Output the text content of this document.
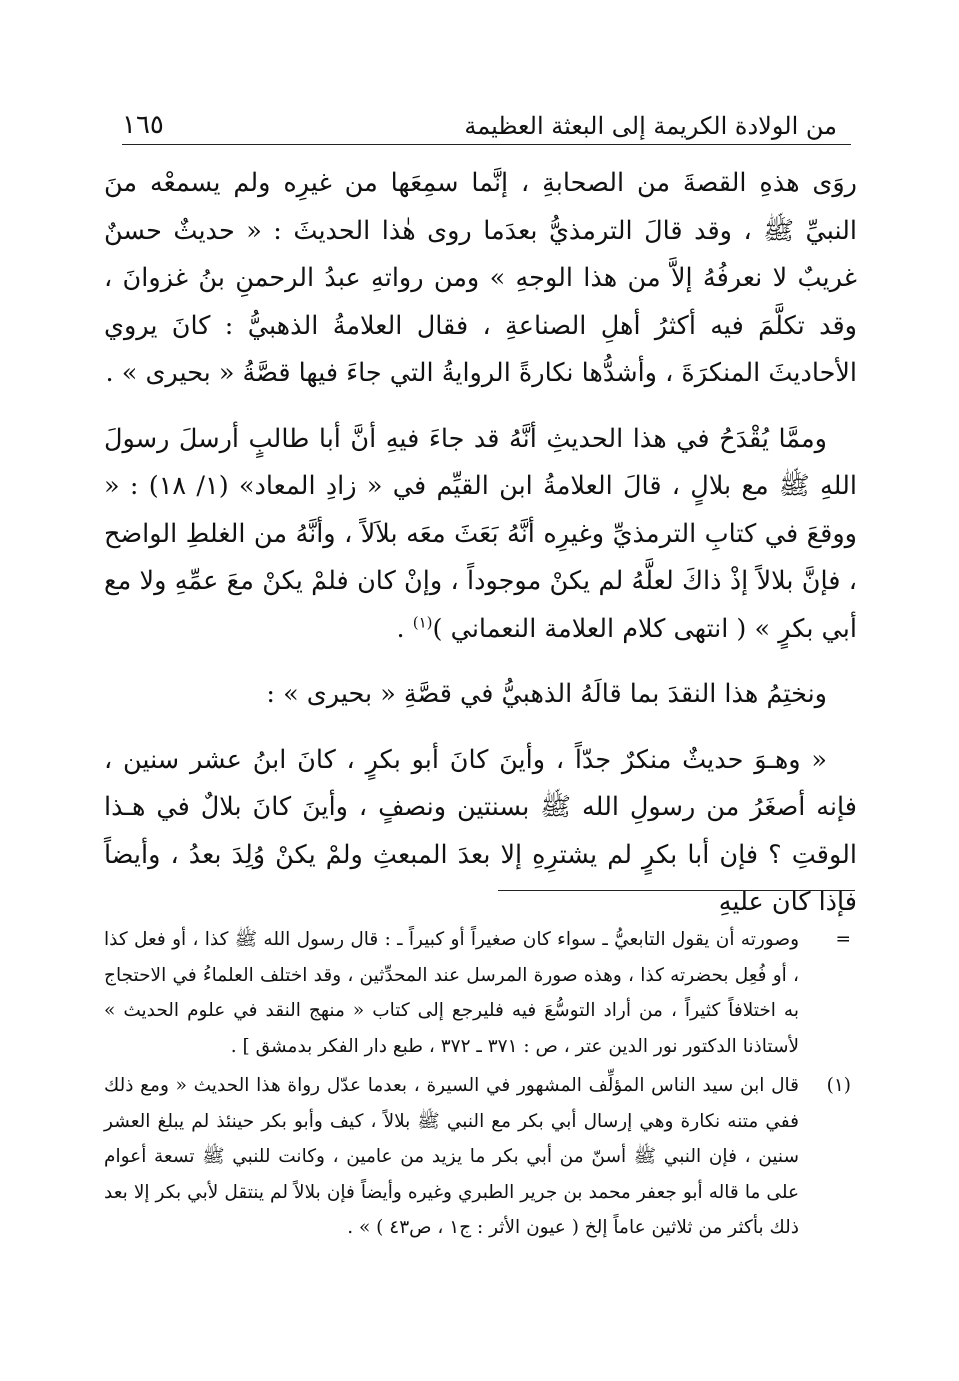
من الولادة الكريمة إلى البعثة العظيمة
١٦٥

روَى هذهِ القصةَ من الصحابةِ ، إنَّما سمِعَها من غيرِه ولم يسمعْه منَ النبيِّ ﷺ ، وقد قالَ الترمذيُّ بعدَما روى هٰذا الحديثَ : « حديثٌ حسنٌ غريبٌ لا نعرفُهُ إلاَّ من هذا الوجهِ » ومن رواتهِ عبدُ الرحمنِ بنُ غزوانَ ، وقد تكلَّمَ فيه أكثرُ أهلِ الصناعةِ ، فقال العلامةُ الذهبيُّ : كانَ يروي الأحاديثَ المنكرَةَ ، وأشدُّها نكارةً الروايةُ التي جاءَ فيها قصَّةُ « بحيرى » .

وممَّا يُقْدَحُ في هذا الحديثِ أنَّهُ قد جاءَ فيهِ أنَّ أبا طالبٍ أرسلَ رسولَ اللهِ ﷺ مع بلالٍ ، قالَ العلامةُ ابن القيِّم في « زادِ المعاد» (١/ ١٨) : « ووقعَ في كتابِ الترمذيِّ وغيرِه أنَّهُ بَعَثَ معَه بلاَلاً ، وأنَّهُ من الغلطِ الواضح ، فإنَّ بلالاً إذْ ذاكَ لعلَّهُ لم يكنْ موجوداً ، وإنْ كان فلمْ يكنْ معَ عمِّهِ ولا مع أبي بكرٍ » ( انتهى كلام العلامة النعماني )$^{(١)}$ .

ونختِمُ هذا النقدَ بما قالَهُ الذهبيُّ في قصَّةِ « بحيرى » :

« وهـوَ حديثٌ منكرٌ جدّاً ، وأينَ كانَ أبو بكرٍ ، كانَ ابنُ عشر سنين ، فإنه أصغَرُ من رسولِ الله ﷺ بسنتين ونصفٍ ، وأينَ كانَ بلالٌ في هـذا الوقتِ ؟ فإن أبا بكرٍ لم يشترِهِ إلا بعدَ المبعثِ ولمْ يكنْ وُلِدَ بعدُ ، وأيضاً فإذا كان عليهِ

=
وصورته أن يقول التابعيُّ ـ سواء كان صغيراً أو كبيراً ـ : قال رسول الله ﷺ كذا ، أو فعل كذا ، أو فُعِل بحضرته كذا ، وهذه صورة المرسل عند المحدِّثين ، وقد اختلف العلماءُ في الاحتجاج به اختلافاً كثيراً ، من أراد التوسُّعَ فيه فليرجع إلى كتاب « منهج النقد في علوم الحديث » لأستاذنا الدكتور نور الدين عتر ، ص : ٣٧١ ـ ٣٧٢ ، طبع دار الفكر بدمشق ] .
(١)
قال ابن سيد الناس المؤلِّف المشهور في السيرة ، بعدما عدّل رواة هذا الحديث « ومع ذلك ففي متنه نكارة وهي إرسال أبي بكر مع النبي ﷺ بلالاً ، كيف وأبو بكر حينئذ لم يبلغ العشر سنين ، فإن النبي ﷺ أسنّ من أبي بكر ما يزيد من عامين ، وكانت للنبي ﷺ تسعة أعوام على ما قاله أبو جعفر محمد بن جرير الطبري وغيره وأيضاً فإن بلالاً لم ينتقل لأبي بكر إلا بعد ذلك بأكثر من ثلاثين عاماً إلخ ( عيون الأثر : ج١ ، ص٤٣ ) » .
